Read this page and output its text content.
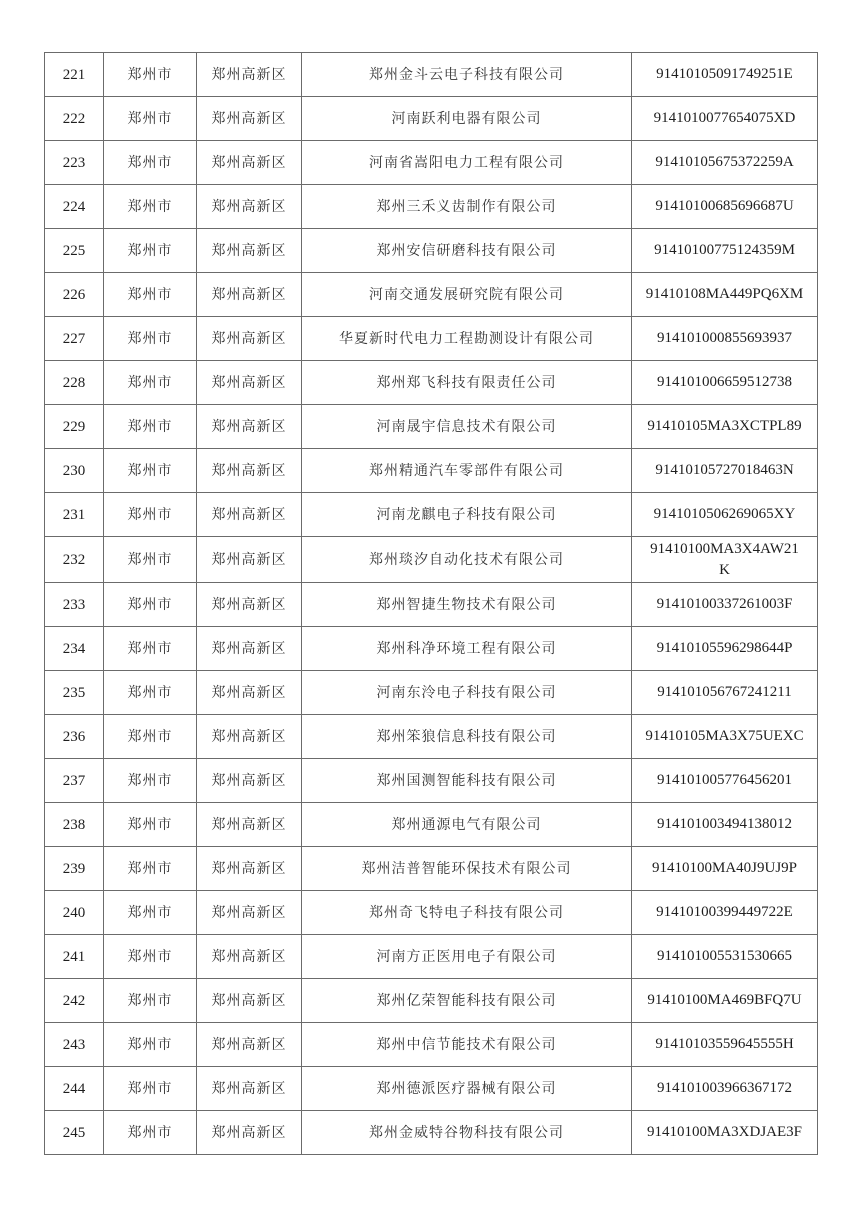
221	郑州市	郑州高新区	郑州金斗云电子科技有限公司	91410105091749251E
222	郑州市	郑州高新区	河南跃利电器有限公司	9141010077654075XD
223	郑州市	郑州高新区	河南省嵩阳电力工程有限公司	91410105675372259A
224	郑州市	郑州高新区	郑州三禾义齿制作有限公司	91410100685696687U
225	郑州市	郑州高新区	郑州安信研磨科技有限公司	91410100775124359M
226	郑州市	郑州高新区	河南交通发展研究院有限公司	91410108MA449PQ6XM
227	郑州市	郑州高新区	华夏新时代电力工程勘测设计有限公司	914101000855693937
228	郑州市	郑州高新区	郑州郑飞科技有限责任公司	914101006659512738
229	郑州市	郑州高新区	河南晟宇信息技术有限公司	91410105MA3XCTPL89
230	郑州市	郑州高新区	郑州精通汽车零部件有限公司	91410105727018463N
231	郑州市	郑州高新区	河南龙麒电子科技有限公司	9141010506269065XY
232	郑州市	郑州高新区	郑州琰汐自动化技术有限公司	91410100MA3X4AW21K
233	郑州市	郑州高新区	郑州智捷生物技术有限公司	91410100337261003F
234	郑州市	郑州高新区	郑州科净环境工程有限公司	91410105596298644P
235	郑州市	郑州高新区	河南东泠电子科技有限公司	914101056767241211
236	郑州市	郑州高新区	郑州笨狼信息科技有限公司	91410105MA3X75UEXC
237	郑州市	郑州高新区	郑州国测智能科技有限公司	914101005776456201
238	郑州市	郑州高新区	郑州通源电气有限公司	914101003494138012
239	郑州市	郑州高新区	郑州洁普智能环保技术有限公司	91410100MA40J9UJ9P
240	郑州市	郑州高新区	郑州奇飞特电子科技有限公司	91410100399449722E
241	郑州市	郑州高新区	河南方正医用电子有限公司	914101005531530665
242	郑州市	郑州高新区	郑州亿荣智能科技有限公司	91410100MA469BFQ7U
243	郑州市	郑州高新区	郑州中信节能技术有限公司	91410103559645555H
244	郑州市	郑州高新区	郑州德派医疗器械有限公司	914101003966367172
245	郑州市	郑州高新区	郑州金威特谷物科技有限公司	91410100MA3XDJAE3F
